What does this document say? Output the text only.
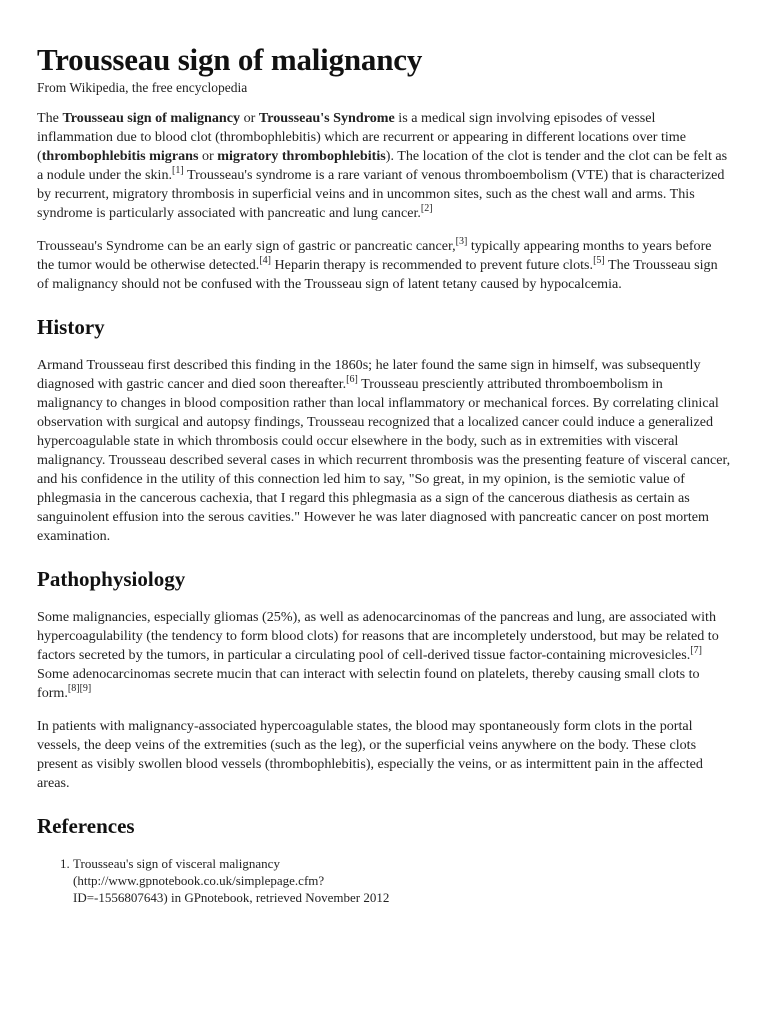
Trousseau sign of malignancy
From Wikipedia, the free encyclopedia

The Trousseau sign of malignancy or Trousseau's Syndrome is a medical sign involving episodes of vessel inflammation due to blood clot (thrombophlebitis) which are recurrent or appearing in different locations over time (thrombophlebitis migrans or migratory thrombophlebitis). The location of the clot is tender and the clot can be felt as a nodule under the skin.[1] Trousseau's syndrome is a rare variant of venous thromboembolism (VTE) that is characterized by recurrent, migratory thrombosis in superficial veins and in uncommon sites, such as the chest wall and arms. This syndrome is particularly associated with pancreatic and lung cancer.[2]

Trousseau's Syndrome can be an early sign of gastric or pancreatic cancer,[3] typically appearing months to years before the tumor would be otherwise detected.[4] Heparin therapy is recommended to prevent future clots.[5] The Trousseau sign of malignancy should not be confused with the Trousseau sign of latent tetany caused by hypocalcemia.

History

Armand Trousseau first described this finding in the 1860s; he later found the same sign in himself, was subsequently diagnosed with gastric cancer and died soon thereafter.[6] Trousseau presciently attributed thromboembolism in malignancy to changes in blood composition rather than local inflammatory or mechanical forces. By correlating clinical observation with surgical and autopsy findings, Trousseau recognized that a localized cancer could induce a generalized hypercoagulable state in which thrombosis could occur elsewhere in the body, such as in extremities with visceral malignancy. Trousseau described several cases in which recurrent thrombosis was the presenting feature of visceral cancer, and his confidence in the utility of this connection led him to say, "So great, in my opinion, is the semiotic value of phlegmasia in the cancerous cachexia, that I regard this phlegmasia as a sign of the cancerous diathesis as certain as sanguinolent effusion into the serous cavities." However he was later diagnosed with pancreatic cancer on post mortem examination.

Pathophysiology

Some malignancies, especially gliomas (25%), as well as adenocarcinomas of the pancreas and lung, are associated with hypercoagulability (the tendency to form blood clots) for reasons that are incompletely understood, but may be related to factors secreted by the tumors, in particular a circulating pool of cell-derived tissue factor-containing microvesicles.[7] Some adenocarcinomas secrete mucin that can interact with selectin found on platelets, thereby causing small clots to form.[8][9]

In patients with malignancy-associated hypercoagulable states, the blood may spontaneously form clots in the portal vessels, the deep veins of the extremities (such as the leg), or the superficial veins anywhere on the body. These clots present as visibly swollen blood vessels (thrombophlebitis), especially the veins, or as intermittent pain in the affected areas.

References
1. Trousseau's sign of visceral malignancy (http://www.gpnotebook.co.uk/simplepage.cfm?ID=-1556807643) in GPnotebook, retrieved November 2012
